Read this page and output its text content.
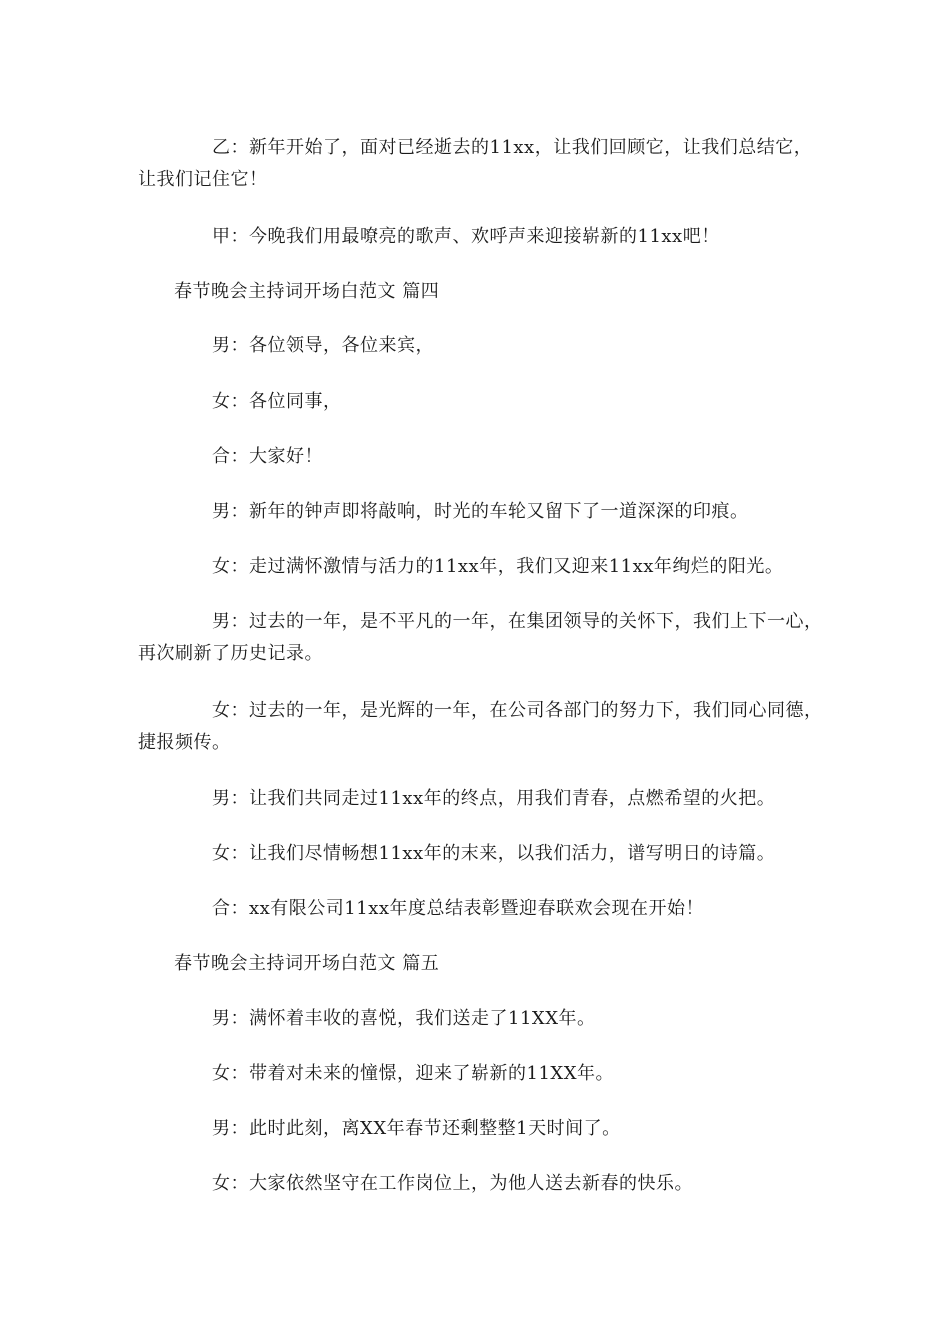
乙：新年开始了，面对已经逝去的11xx，让我们回顾它，让我们总结它，让我们记住它！

甲：今晚我们用最嘹亮的歌声、欢呼声来迎接崭新的11xx吧！

春节晚会主持词开场白范文 篇四

男：各位领导，各位来宾，

女：各位同事，

合：大家好！

男：新年的钟声即将敲响，时光的车轮又留下了一道深深的印痕。

女：走过满怀激情与活力的11xx年，我们又迎来11xx年绚烂的阳光。

男：过去的一年，是不平凡的一年，在集团领导的关怀下，我们上下一心，再次刷新了历史记录。

女：过去的一年，是光辉的一年，在公司各部门的努力下，我们同心同德，捷报频传。

男：让我们共同走过11xx年的终点，用我们青春，点燃希望的火把。

女：让我们尽情畅想11xx年的末来，以我们活力，谱写明日的诗篇。

合：xx有限公司11xx年度总结表彰暨迎春联欢会现在开始！

春节晚会主持词开场白范文 篇五

男：满怀着丰收的喜悦，我们送走了11XX年。

女：带着对未来的憧憬，迎来了崭新的11XX年。

男：此时此刻，离XX年春节还剩整整1天时间了。

女：大家依然坚守在工作岗位上，为他人送去新春的快乐。
